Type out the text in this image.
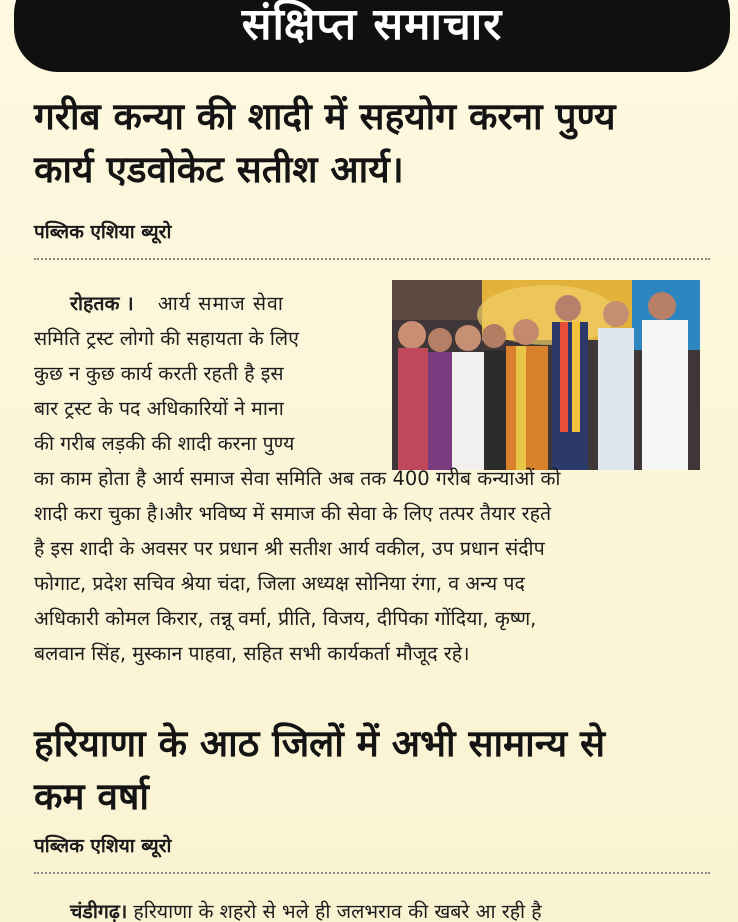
संक्षिप्त समाचार
गरीब कन्या की शादी में सहयोग करना पुण्य
कार्य एडवोकेट सतीश आर्य।
पब्लिक एशिया ब्यूरो
रोहतक । आर्य समाज सेवा
समिति ट्रस्ट लोगो की सहायता के लिए
कुछ न कुछ कार्य करती रहती है इस
बार ट्रस्ट के पद अधिकारियों ने माना
की गरीब लड़की की शादी करना पुण्य
का काम होता है आर्य समाज सेवा समिति अब तक 400 गरीब कन्याओं को
शादी करा चुका है।और भविष्य में समाज की सेवा के लिए तत्पर तैयार रहते
है इस शादी के अवसर पर प्रधान श्री सतीश आर्य वकील, उप प्रधान संदीप
फोगाट, प्रदेश सचिव श्रेया चंदा, जिला अध्यक्ष सोनिया रंगा, व अन्य पद
अधिकारी कोमल किरार, तन्नू वर्मा, प्रीति, विजय, दीपिका गोंदिया, कृष्ण,
बलवान सिंह, मुस्कान पाहवा, सहित सभी कार्यकर्ता मौजूद रहे।
हरियाणा के आठ जिलों में अभी सामान्य से
कम वर्षा
पब्लिक एशिया ब्यूरो
चंडीगढ़। हरियाणा के शहरो से भले ही जलभराव की खबरे आ रही है
